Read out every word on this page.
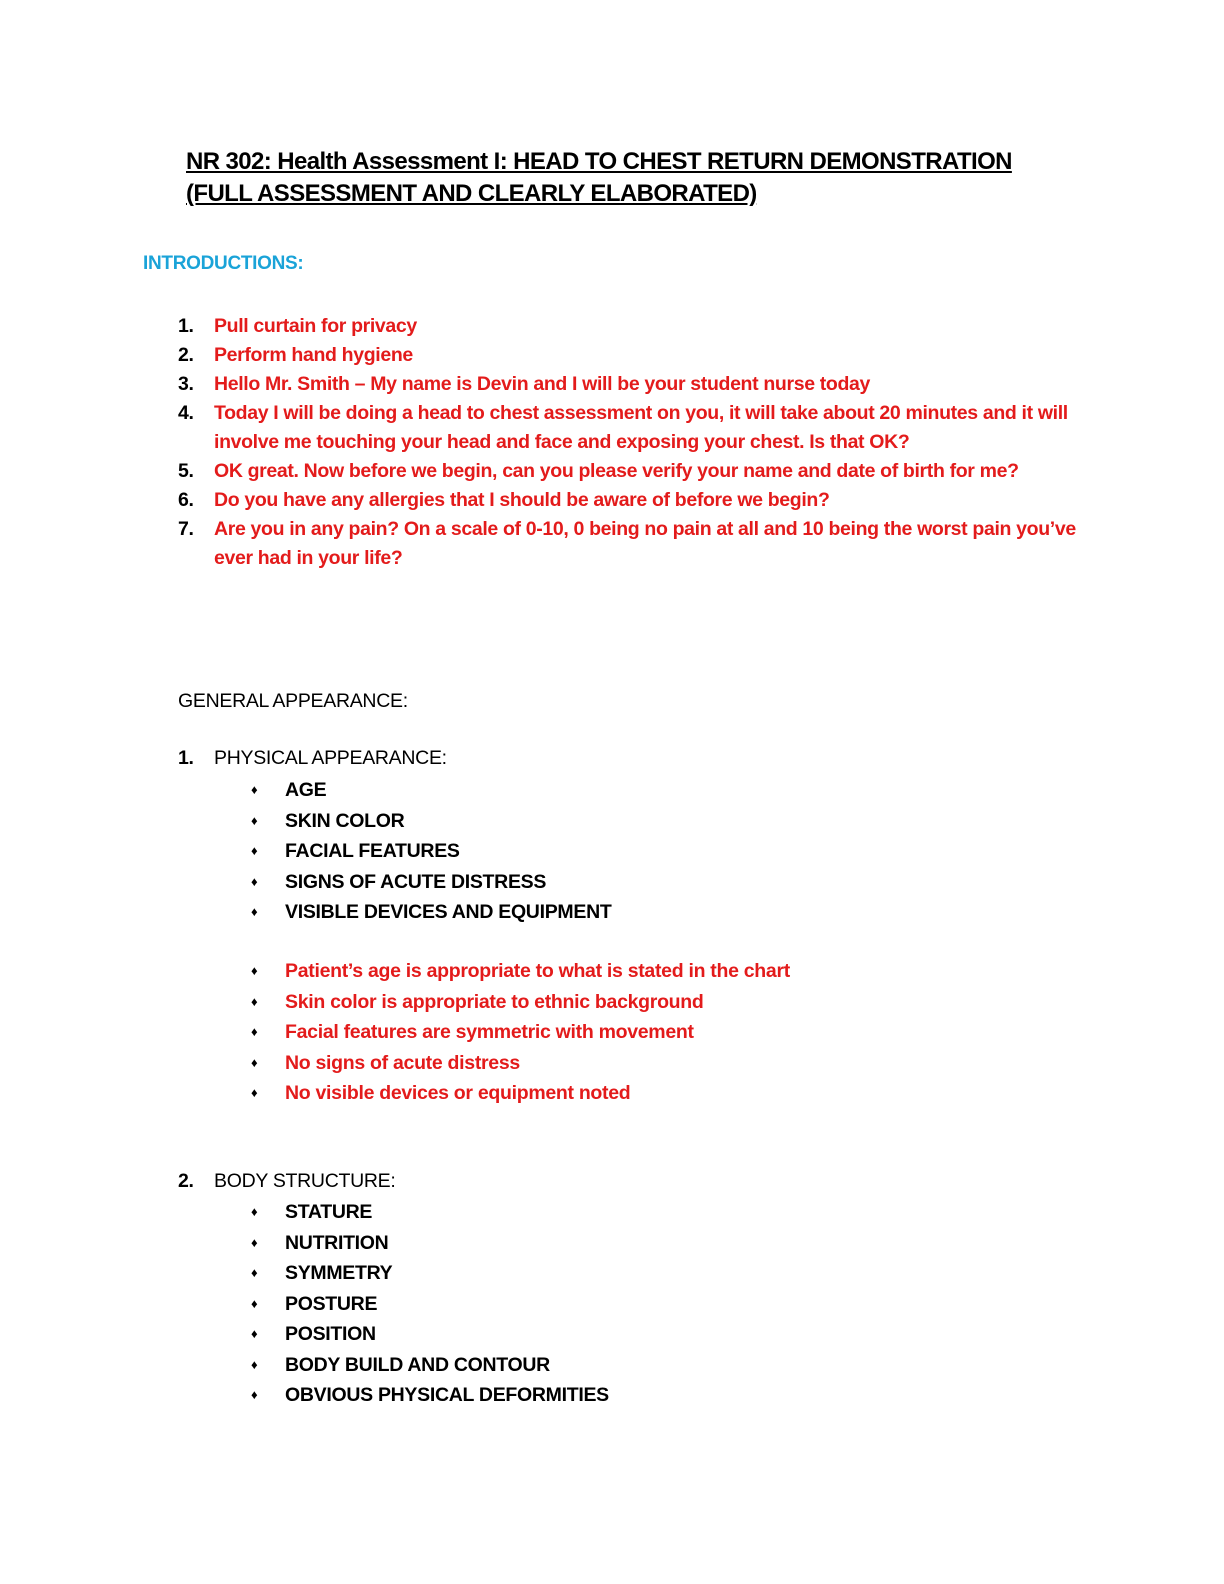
NR 302: Health Assessment I: HEAD TO CHEST RETURN DEMONSTRATION
(FULL ASSESSMENT AND CLEARLY ELABORATED)
INTRODUCTIONS:
1. Pull curtain for privacy
2. Perform hand hygiene
3. Hello Mr. Smith – My name is Devin and I will be your student nurse today
4. Today I will be doing a head to chest assessment on you, it will take about 20 minutes and it will involve me touching your head and face and exposing your chest. Is that OK?
5. OK great. Now before we begin, can you please verify your name and date of birth for me?
6. Do you have any allergies that I should be aware of before we begin?
7. Are you in any pain? On a scale of 0-10, 0 being no pain at all and 10 being the worst pain you’ve ever had in your life?
GENERAL APPEARANCE:
1. PHYSICAL APPEARANCE:
♦ AGE
♦ SKIN COLOR
♦ FACIAL FEATURES
♦ SIGNS OF ACUTE DISTRESS
♦ VISIBLE DEVICES AND EQUIPMENT
♦ Patient’s age is appropriate to what is stated in the chart
♦ Skin color is appropriate to ethnic background
♦ Facial features are symmetric with movement
♦ No signs of acute distress
♦ No visible devices or equipment noted
2. BODY STRUCTURE:
♦ STATURE
♦ NUTRITION
♦ SYMMETRY
♦ POSTURE
♦ POSITION
♦ BODY BUILD AND CONTOUR
♦ OBVIOUS PHYSICAL DEFORMITIES
